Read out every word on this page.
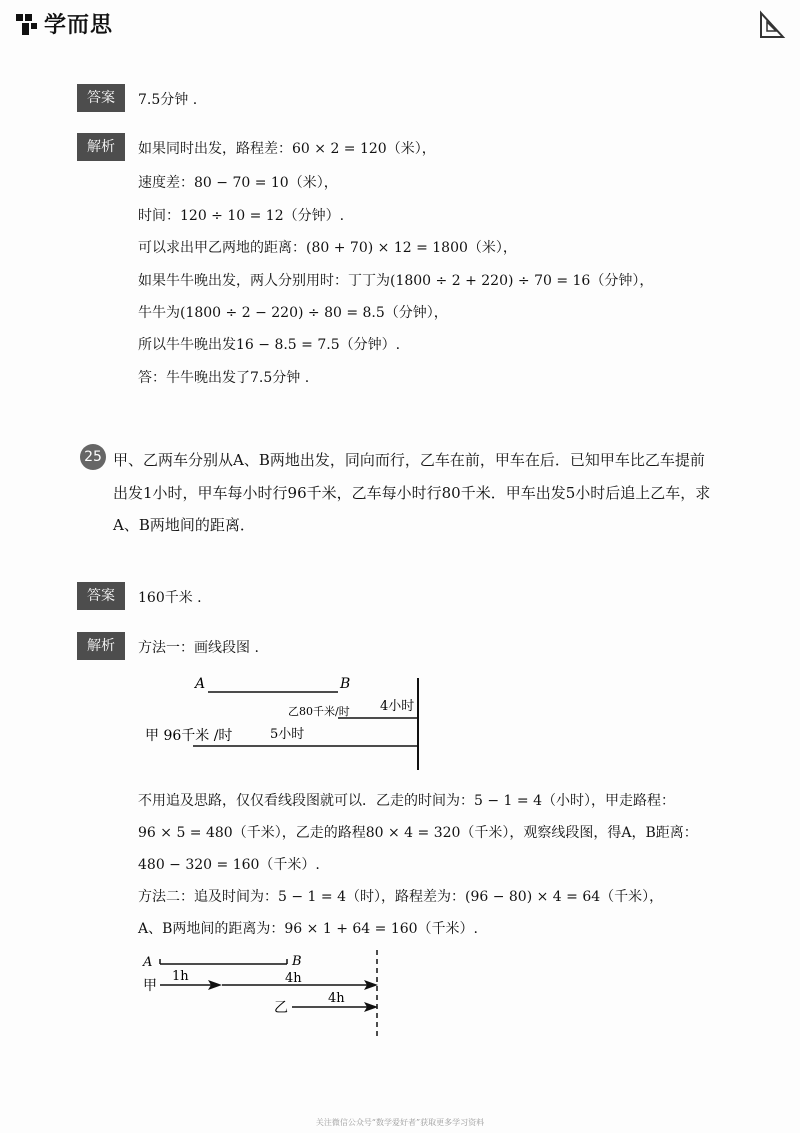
学而思
答案	7.5分钟 .
解析	如果同时出发，路程差：60 × 2 = 120（米），
速度差：80 − 70 = 10（米），
时间：120 ÷ 10 = 12（分钟）.
可以求出甲乙两地的距离：(80 + 70) × 12 = 1800（米），
如果牛牛晚出发，两人分别用时：丁丁为(1800 ÷ 2 + 220) ÷ 70 = 16（分钟），
牛牛为(1800 ÷ 2 − 220) ÷ 80 = 8.5（分钟），
所以牛牛晚出发16 − 8.5 = 7.5（分钟）.
答：牛牛晚出发了7.5分钟 .
25 甲、乙两车分别从A、B两地出发，同向而行，乙车在前，甲车在后．已知甲车比乙车提前
出发1小时，甲车每小时行96千米，乙车每小时行80千米．甲车出发5小时后追上乙车，求
A、B两地间的距离．
答案	160千米 .
解析	方法一：画线段图 .
A	B
乙80千米/时 4小时
甲 96千米 /时	5小时
不用追及思路，仅仅看线段图就可以．乙走的时间为：5 − 1 = 4（小时），甲走路程：
96 × 5 = 480（千米），乙走的路程80 × 4 = 320（千米），观察线段图，得A，B距离：
480 − 320 = 160（千米）.
方法二：追及时间为：5 − 1 = 4（时），路程差为：(96 − 80) × 4 = 64（千米），
A、B两地间的距离为：96 × 1 + 64 = 160（千米）.
A	B
甲
1h	4h
乙
4h
关注微信公众号“数学爱好者”获取更多学习资料
